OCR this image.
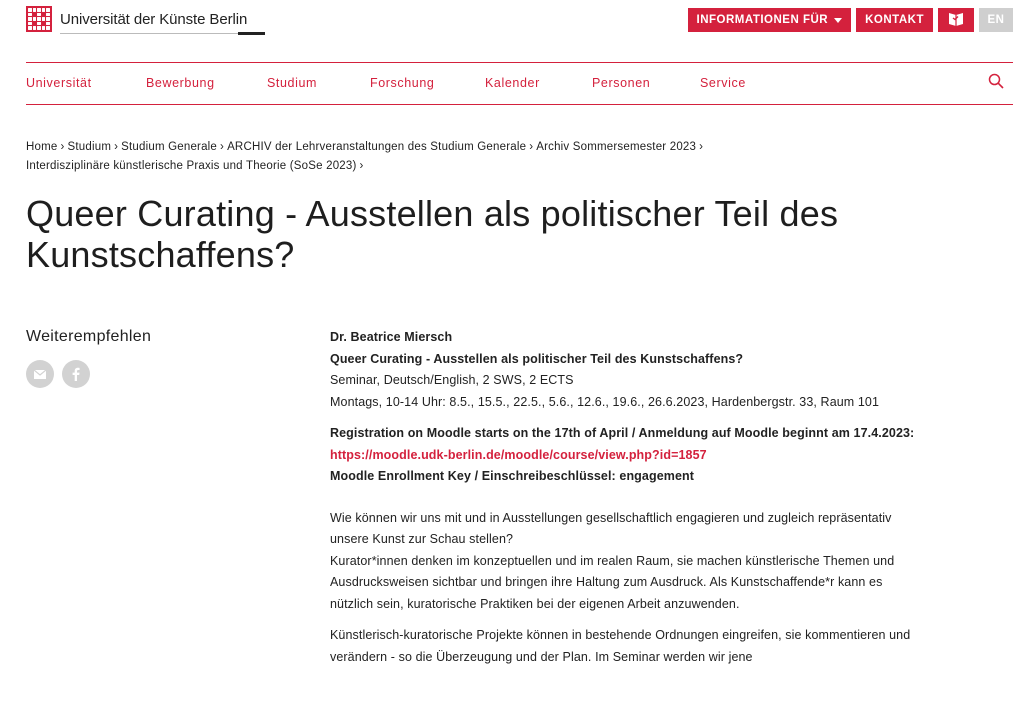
Universität der Künste Berlin	INFORMATIONEN FÜR	KONTAKT	EN
Universität	Bewerbung	Studium	Forschung	Kalender	Personen	Service
Home › Studium › Studium Generale › ARCHIV der Lehrveranstaltungen des Studium Generale › Archiv Sommersemester 2023 ›
Interdisziplinäre künstlerische Praxis und Theorie (SoSe 2023) ›
Queer Curating - Ausstellen als politischer Teil des Kunstschaffens?
Weiterempfehlen	Dr. Beatrice Miersch

Queer Curating - Ausstellen als politischer Teil des Kunstschaffens?

Seminar, Deutsch/English, 2 SWS, 2 ECTS

Montags, 10-14 Uhr: 8.5., 15.5., 22.5., 5.6., 12.6., 19.6., 26.6.2023, Hardenbergstr. 33, Raum 101

Registration on Moodle starts on the 17th of April / Anmeldung auf Moodle beginnt am 17.4.2023: https://moodle.udk-berlin.de/moodle/course/view.php?id=1857

Moodle Enrollment Key / Einschreibeschlüssel: engagement

Wie können wir uns mit und in Ausstellungen gesellschaftlich engagieren und zugleich repräsentativ unsere Kunst zur Schau stellen?

Kurator*innen denken im konzeptuellen und im realen Raum, sie machen künstlerische Themen und Ausdrucksweisen sichtbar und bringen ihre Haltung zum Ausdruck. Als Kunstschaffende*r kann es nützlich sein, kuratorische Praktiken bei der eigenen Arbeit anzuwenden.

Künstlerisch-kuratorische Projekte können in bestehende Ordnungen eingreifen, sie kommentieren und verändern - so die Überzeugung und der Plan. Im Seminar werden wir jene
